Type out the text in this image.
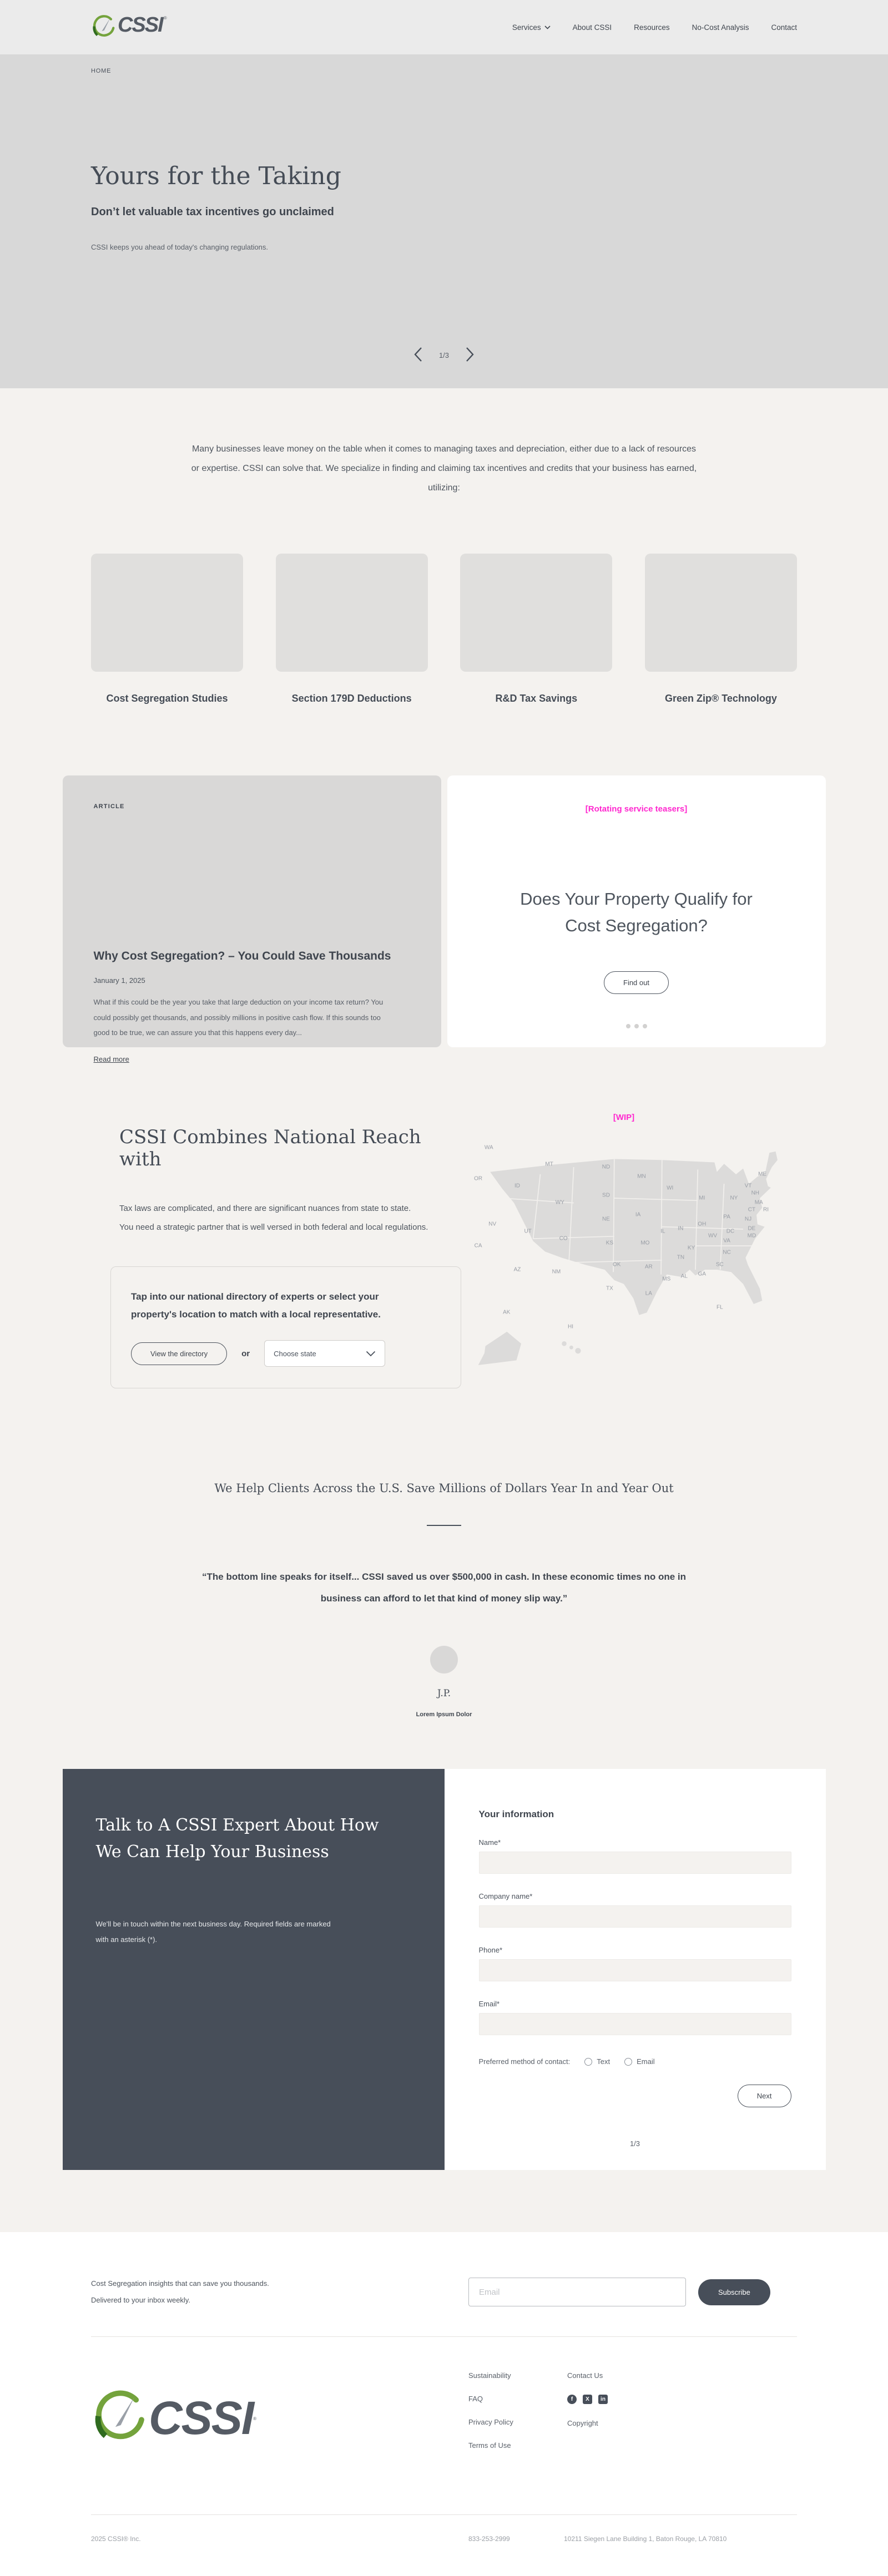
CSSI ®
Services	About CSSI	Resources	No-Cost Analysis	Contact
HOME
Yours for the Taking
Don’t let valuable tax incentives go unclaimed

CSSI keeps you ahead of today's changing regulations.

1/3

Many businesses leave money on the table when it comes to managing taxes and depreciation, either due to a lack of resources or expertise. CSSI can solve that. We specialize in finding and claiming tax incentives and credits that your business has earned, utilizing:

Cost Segregation Studies	Section 179D Deductions	R&D Tax Savings	Green Zip® Technology
ARTICLE
Why Cost Segregation? – You Could Save Thousands
January 1, 2025

What if this could be the year you take that large deduction on your income tax return? You could possibly get thousands, and possibly millions in positive cash flow. If this sounds too good to be true, we can assure you that this happens every day...

Read more
[Rotating service teasers]
Does Your Property Qualify for Cost Segregation?
Find out
CSSI Combines National Reach with

Tax laws are complicated, and there are significant nuances from state to state.
You need a strategic partner that is well versed in both federal and local regulations.

Tap into our national directory of experts or select your property's location to match with a local representative.
View the directory	or	Choose state
[WIP]
WA
OR
ID
MT
WY
ND
SD
MN
WI
MI
NV
UT
CO
NE
IA
IL IN
OH
CA
AZ	NM
KS	MO
KY
WV
VA
PA
NY
VT
NH
ME
MA
CT RI
NJ
DE
MD
DC
OK	AR
TN
NC
SC
GA
AL
MS
LA
TX
FL
AK
HI
We Help Clients Across the U.S. Save Millions of Dollars Year In and Year Out

“The bottom line speaks for itself... CSSI saved us over $500,000 in cash. In these economic times no one in business can afford to let that kind of money slip way.”

J.P.
Lorem Ipsum Dolor
Talk to A CSSI Expert About How We Can Help Your Business

We'll be in touch within the next business day. Required fields are marked with an asterisk (*).

Your information
Name*
Company name*
Phone*
Email*
Preferred method of contact:	Text	Email
Next
1/3

Cost Segregation insights that can save you thousands.
Delivered to your inbox weekly.

Email
Subscribe
CSSI ®
Sustainability
FAQ
Privacy Policy
Terms of Use
Contact Us
f	X	in
Copyright
2025 CSSI® Inc.	833-253-2999	10211 Siegen Lane Building 1, Baton Rouge, LA 70810
